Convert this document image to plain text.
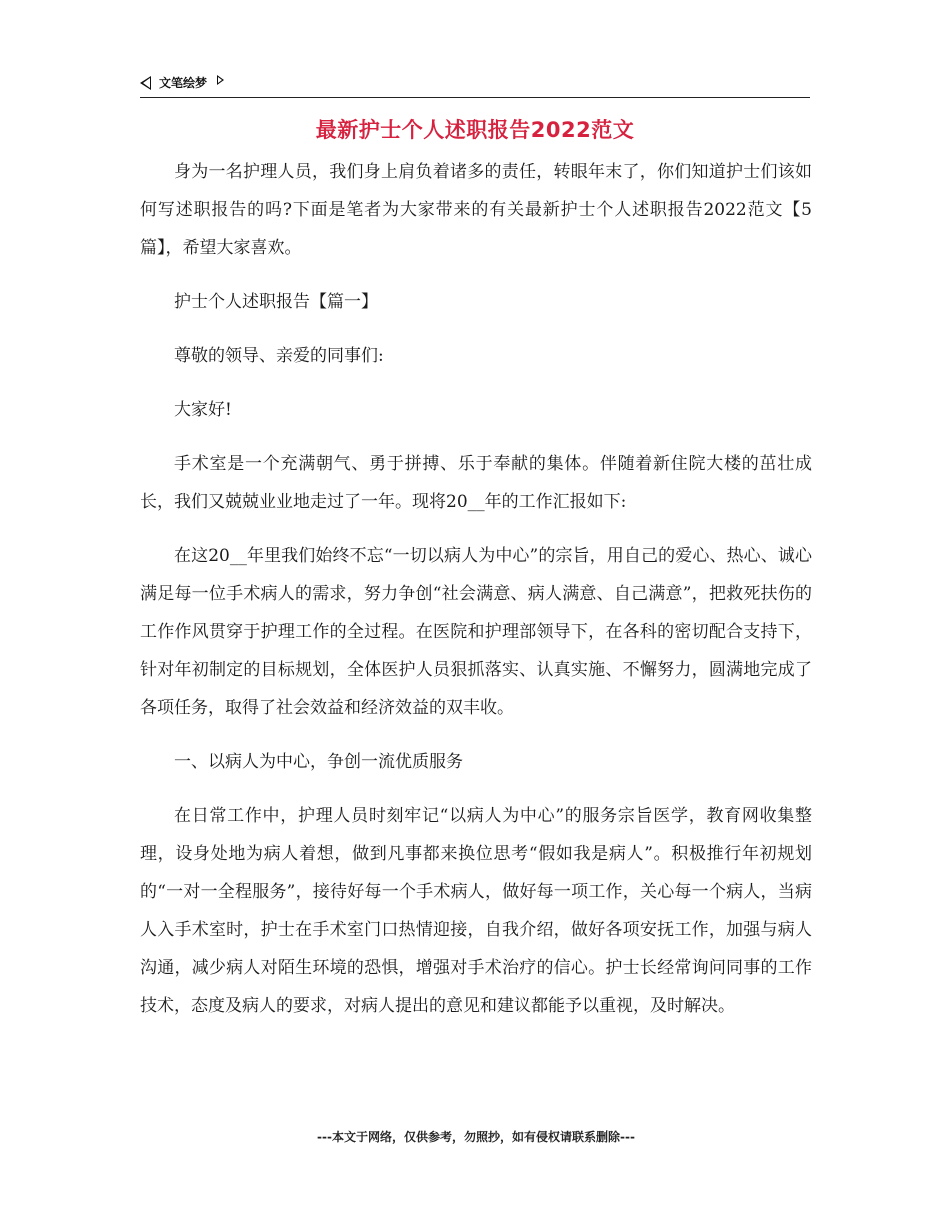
文笔绘梦
最新护士个人述职报告2022范文

身为一名护理人员，我们身上肩负着诸多的责任，转眼年末了，你们知道护士们该如何写述职报告的吗?下面是笔者为大家带来的有关最新护士个人述职报告2022范文【5篇】，希望大家喜欢。

护士个人述职报告【篇一】

尊敬的领导、亲爱的同事们:

大家好!

手术室是一个充满朝气、勇于拼搏、乐于奉献的集体。伴随着新住院大楼的茁壮成长，我们又兢兢业业地走过了一年。现将20__年的工作汇报如下:

在这20__年里我们始终不忘“一切以病人为中心”的宗旨，用自己的爱心、热心、诚心满足每一位手术病人的需求，努力争创“社会满意、病人满意、自己满意”，把救死扶伤的工作作风贯穿于护理工作的全过程。在医院和护理部领导下，在各科的密切配合支持下，针对年初制定的目标规划，全体医护人员狠抓落实、认真实施、不懈努力，圆满地完成了各项任务，取得了社会效益和经济效益的双丰收。

一、以病人为中心，争创一流优质服务

在日常工作中，护理人员时刻牢记“以病人为中心”的服务宗旨医学，教育网收集整理，设身处地为病人着想，做到凡事都来换位思考“假如我是病人”。积极推行年初规划的“一对一全程服务”，接待好每一个手术病人，做好每一项工作，关心每一个病人，当病人入手术室时，护士在手术室门口热情迎接，自我介绍，做好各项安抚工作，加强与病人沟通，减少病人对陌生环境的恐惧，增强对手术治疗的信心。护士长经常询问同事的工作技术，态度及病人的要求，对病人提出的意见和建议都能予以重视，及时解决。

---本文于网络，仅供参考，勿照抄，如有侵权请联系删除---
